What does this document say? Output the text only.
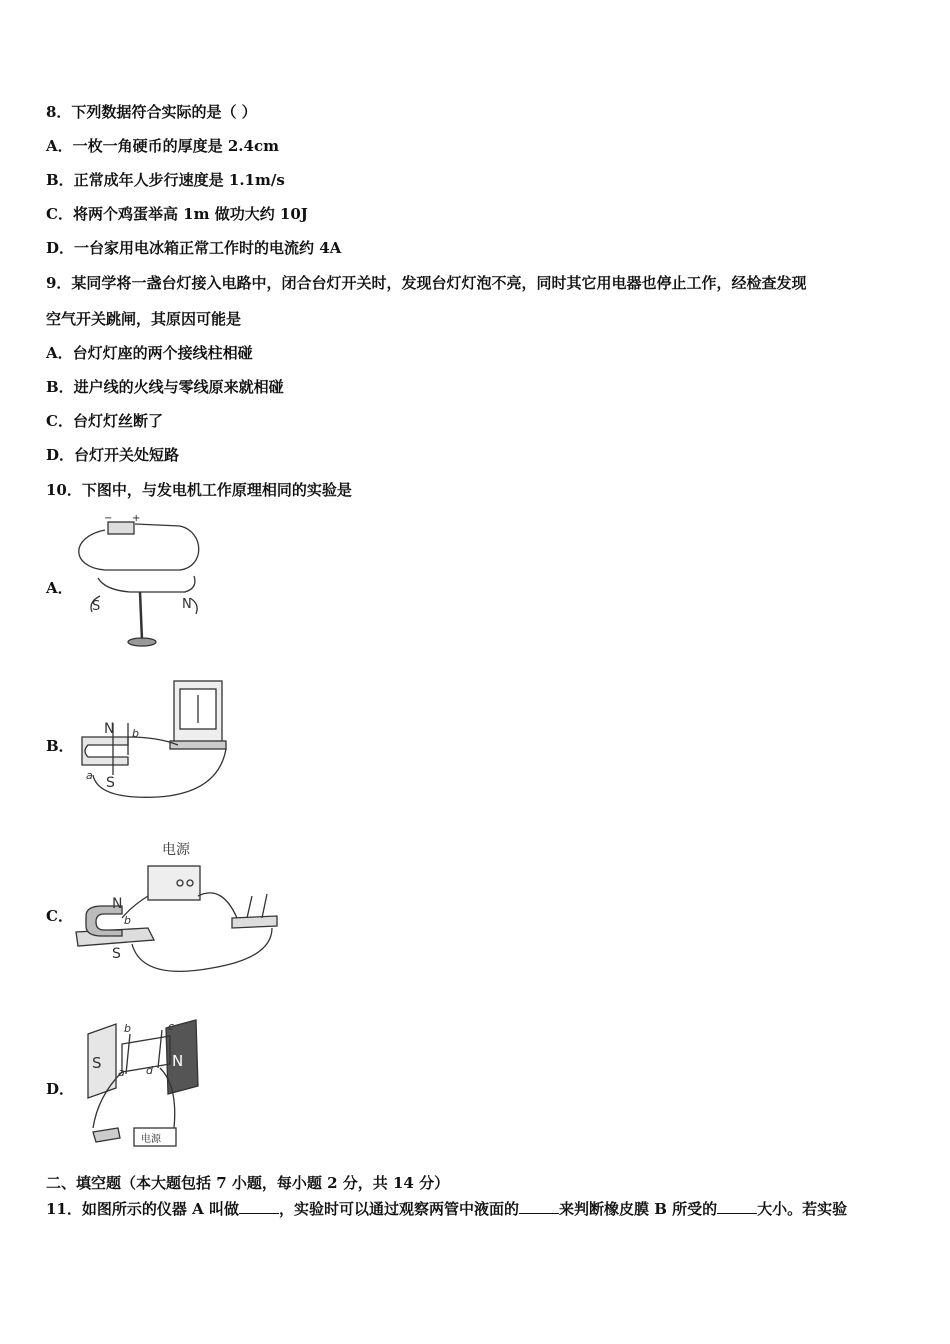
8．下列数据符合实际的是（ ）
A．一枚一角硬币的厚度是 2.4cm
B．正常成年人步行速度是 1.1m/s
C．将两个鸡蛋举高 1m 做功大约 10J
D．一台家用电冰箱正常工作时的电流约 4A
9．某同学将一盏台灯接入电路中，闭合台灯开关时，发现台灯灯泡不亮，同时其它用电器也停止工作，经检查发现
空气开关跳闸，其原因可能是
A．台灯灯座的两个接线柱相碰
B．进户线的火线与零线原来就相碰
C．台灯灯丝断了
D．台灯开关处短路
10．下图中，与发电机工作原理相同的实验是
A．
− +
S	N
B．
N
S
a
b
C．
电源
N
S
b
D．
S	N
a
b	c
d
电源
二、填空题（本大题包括 7 小题，每小题 2 分，共 14 分）
11．如图所示的仪器 A 叫做	，实验时可以通过观察两管中液面的	来判断橡皮膜 B 所受的	大小。若实验
